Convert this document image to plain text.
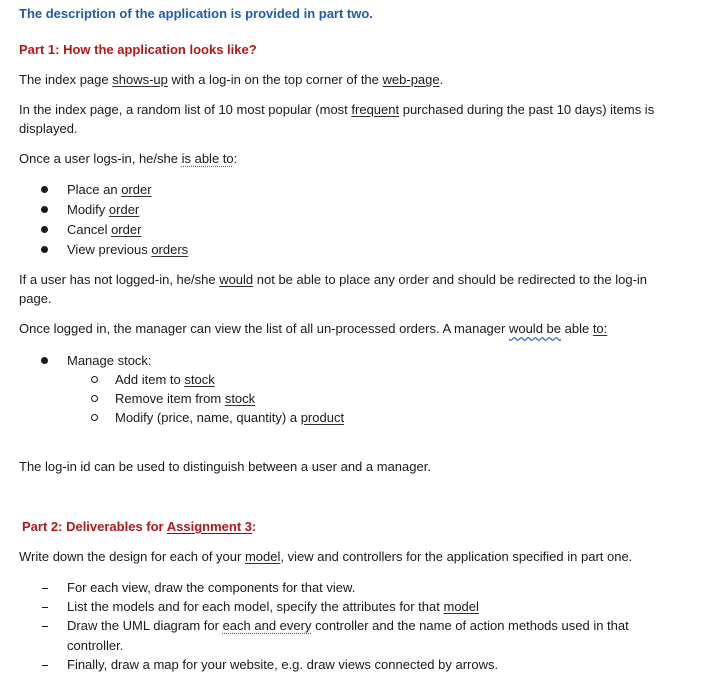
The description of the application is provided in part two.
Part 1: How the application looks like?
The index page shows-up with a log-in on the top corner of the web-page.
In the index page, a random list of 10 most popular (most frequent purchased during the past 10 days) items is
displayed.
Once a user logs-in, he/she is able to:
Place an order
Modify order
Cancel order
View previous orders
If a user has not logged-in, he/she would not be able to place any order and should be redirected to the log-in
page.
Once logged in, the manager can view the list of all un-processed orders. A manager would be able to:
Manage stock:
Add item to stock
Remove item from stock
Modify (price, name, quantity) a product
The log-in id can be used to distinguish between a user and a manager.
Part 2: Deliverables for Assignment 3:
Write down the design for each of your model, view and controllers for the application specified in part one.
For each view, draw the components for that view.
List the models and for each model, specify the attributes for that model
Draw the UML diagram for each and every controller and the name of action methods used in that
controller.
Finally, draw a map for your website, e.g. draw views connected by arrows.
